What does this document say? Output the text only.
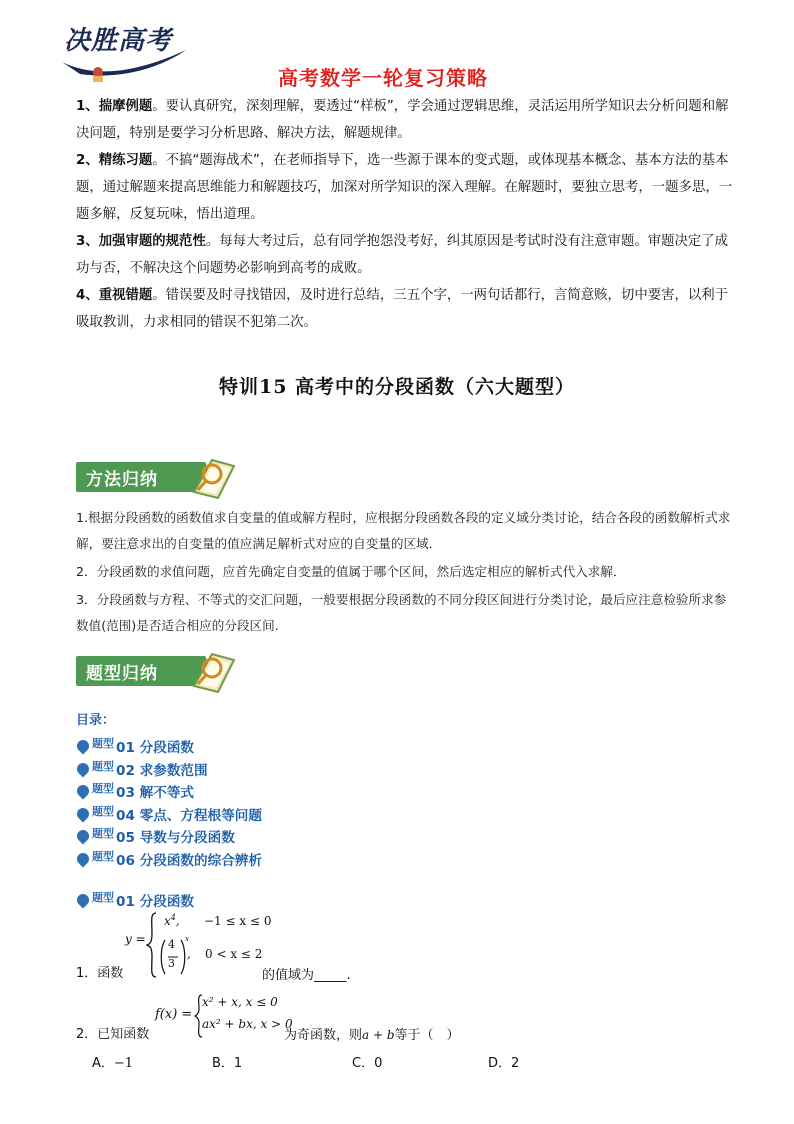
决胜高考
高考数学一轮复习策略

1、揣摩例题。要认真研究，深刻理解，要透过“样板”，学会通过逻辑思维，灵活运用所学知识去分析问题和解决问题，特别是要学习分析思路、解决方法，解题规律。

2、精练习题。不搞“题海战术”，在老师指导下，选一些源于课本的变式题，或体现基本概念、基本方法的基本题，通过解题来提高思维能力和解题技巧，加深对所学知识的深入理解。在解题时，要独立思考，一题多思，一题多解，反复玩味，悟出道理。

3、加强审题的规范性。每每大考过后，总有同学抱怨没考好，纠其原因是考试时没有注意审题。审题决定了成功与否，不解决这个问题势必影响到高考的成败。

4、重视错题。错误要及时寻找错因，及时进行总结，三五个字，一两句话都行，言简意赅，切中要害，以利于吸取教训，力求相同的错误不犯第二次。

特训15 高考中的分段函数（六大题型）
方法归纳

1.根据分段函数的函数值求自变量的值或解方程时，应根据分段函数各段的定义域分类讨论，结合各段的函数解析式求解，要注意求出的自变量的值应满足解析式对应的自变量的区域．

2．分段函数的求值问题，应首先确定自变量的值属于哪个区间，然后选定相应的解析式代入求解．

3．分段函数与方程、不等式的交汇问题，一般要根据分段函数的不同分段区间进行分类讨论，最后应注意检验所求参数值(范围)是否适合相应的分段区间.

题型归纳
目录：
题型 01 分段函数
题型 02 求参数范围
题型 03 解不等式
题型 04 零点、方程根等问题
题型 05 导数与分段函数
题型 06 分段函数的综合辨析
题型 01 分段函数
1．函数
y =
$x^4$, −1 ≤ x ≤ 0
4
3
x
, 0 < x ≤ 2
的值域为_____.
2．已知函数
f(x) =
x² + x, x ≤ 0
ax² + bx, x > 0
为奇函数，则a + b等于（　）
A．−1	B．1	C．0	D．2
